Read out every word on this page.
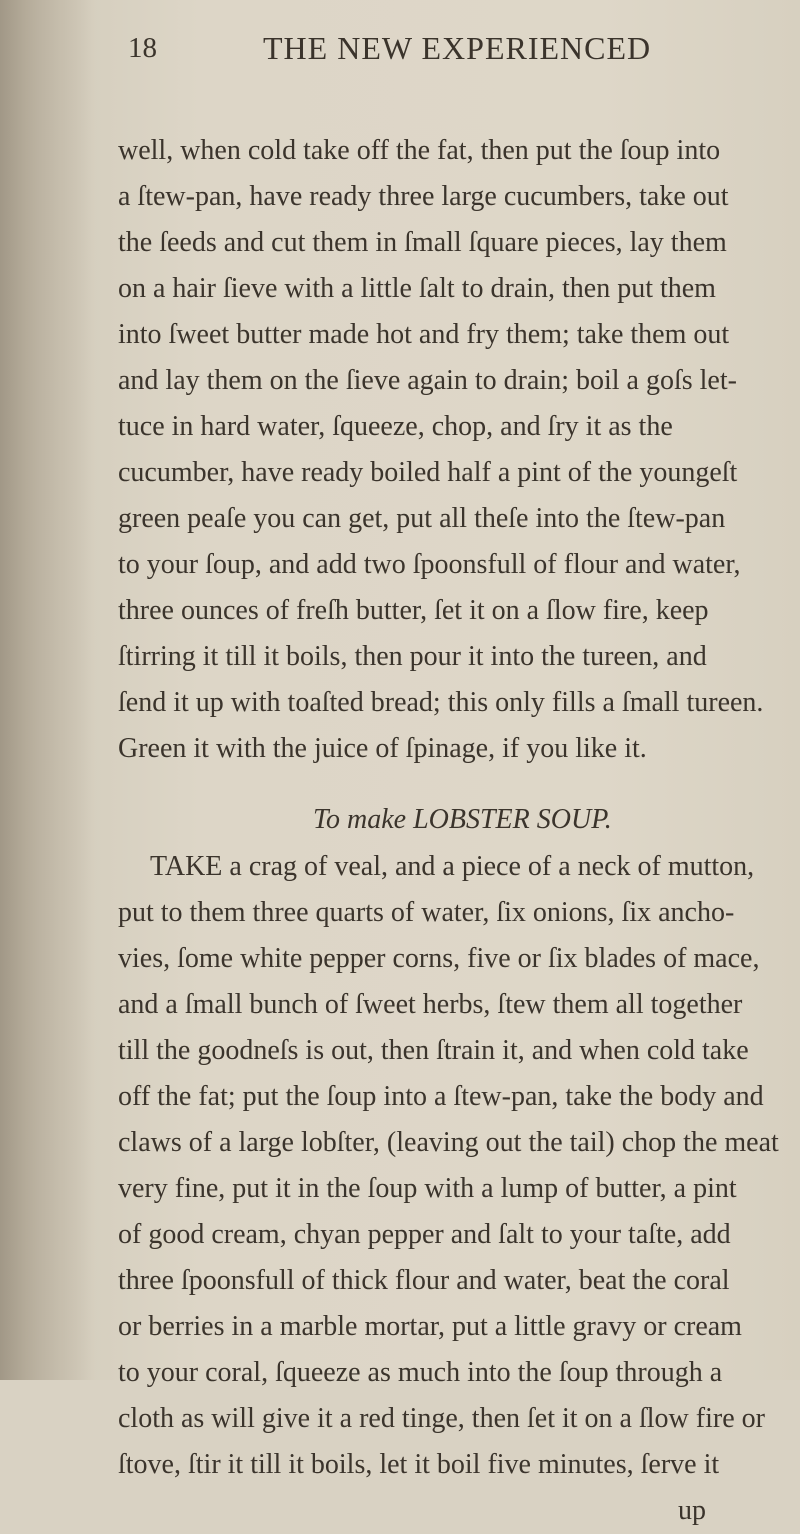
18	THE NEW EXPERIENCED
well, when cold take off the fat, then put the ſoup into
a ſtew-pan, have ready three large cucumbers, take out
the ſeeds and cut them in ſmall ſquare pieces, lay them
on a hair ſieve with a little ſalt to drain, then put them
into ſweet butter made hot and fry them; take them out
and lay them on the ſieve again to drain; boil a goſs let-
tuce in hard water, ſqueeze, chop, and ſry it as the
cucumber, have ready boiled half a pint of the youngeſt
green peaſe you can get, put all theſe into the ſtew-pan
to your ſoup, and add two ſpoonsfull of flour and water,
three ounces of freſh butter, ſet it on a ſlow fire, keep
ſtirring it till it boils, then pour it into the tureen, and
ſend it up with toaſted bread; this only fills a ſmall tureen.
Green it with the juice of ſpinage, if you like it.
To make LOBSTER SOUP.
TAKE a crag of veal, and a piece of a neck of mutton,
put to them three quarts of water, ſix onions, ſix ancho-
vies, ſome white pepper corns, five or ſix blades of mace,
and a ſmall bunch of ſweet herbs, ſtew them all together
till the goodneſs is out, then ſtrain it, and when cold take
off the fat; put the ſoup into a ſtew-pan, take the body and
claws of a large lobſter, (leaving out the tail) chop the meat
very fine, put it in the ſoup with a lump of butter, a pint
of good cream, chyan pepper and ſalt to your taſte, add
three ſpoonsfull of thick flour and water, beat the coral
or berries in a marble mortar, put a little gravy or cream
to your coral, ſqueeze as much into the ſoup through a
cloth as will give it a red tinge, then ſet it on a ſlow fire or
ſtove, ſtir it till it boils, let it boil five minutes, ſerve it
up
